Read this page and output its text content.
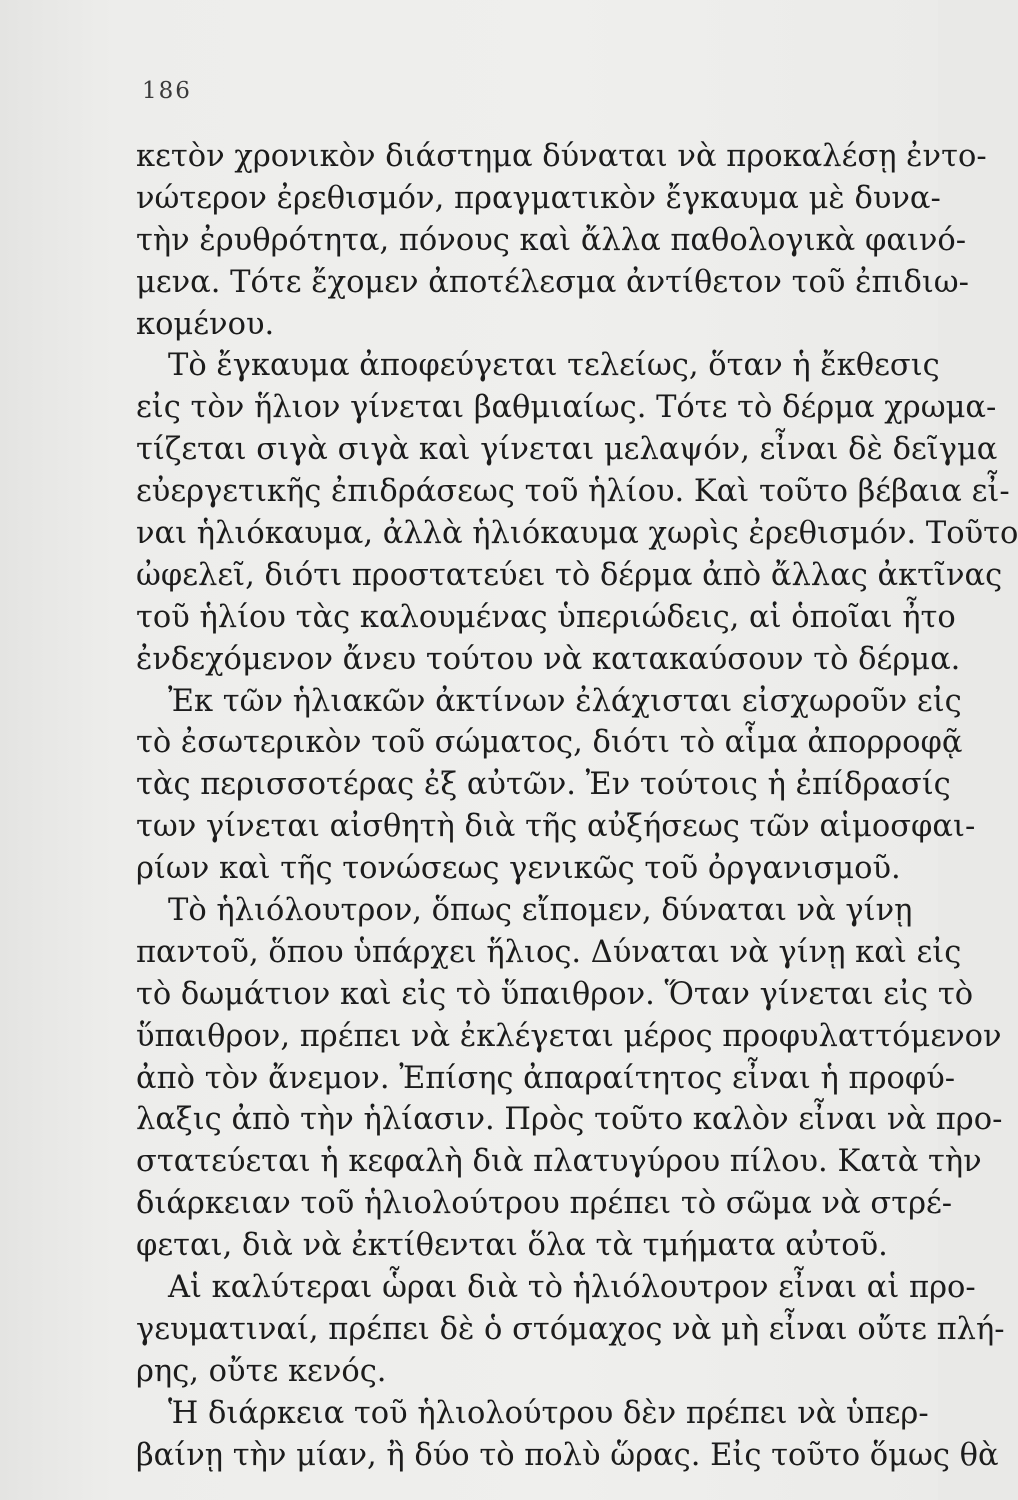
186
κετὸν χρονικὸν διάστημα δύναται νὰ προκαλέσῃ ἐντο-
νώτερον ἐρεθισμόν, πραγματικὸν ἔγκαυμα μὲ δυνα-
τὴν ἐρυθρότητα, πόνους καὶ ἄλλα παθολογικὰ φαινό-
μενα. Τότε ἔχομεν ἀποτέλεσμα ἀντίθετον τοῦ ἐπιδιω-
κομένου.
Τὸ ἔγκαυμα ἀποφεύγεται τελείως, ὅταν ἡ ἔκθεσις
εἰς τὸν ἥλιον γίνεται βαθμιαίως. Τότε τὸ δέρμα χρωμα-
τίζεται σιγὰ σιγὰ καὶ γίνεται μελαψόν, εἶναι δὲ δεῖγμα
εὐεργετικῆς ἐπιδράσεως τοῦ ἡλίου. Καὶ τοῦτο βέβαια εἶ-
ναι ἡλιόκαυμα, ἀλλὰ ἡλιόκαυμα χωρὶς ἐρεθισμόν. Τοῦτο
ὠφελεῖ, διότι προστατεύει τὸ δέρμα ἀπὸ ἄλλας ἀκτῖνας
τοῦ ἡλίου τὰς καλουμένας ὑπεριώδεις, αἱ ὁποῖαι ἦτο
ἐνδεχόμενον ἄνευ τούτου νὰ κατακαύσουν τὸ δέρμα.
Ἐκ τῶν ἡλιακῶν ἀκτίνων ἐλάχισται εἰσχωροῦν εἰς
τὸ ἐσωτερικὸν τοῦ σώματος, διότι τὸ αἷμα ἀπορροφᾷ
τὰς περισσοτέρας ἐξ αὐτῶν. Ἐν τούτοις ἡ ἐπίδρασίς
των γίνεται αἰσθητὴ διὰ τῆς αὐξήσεως τῶν αἱμοσφαι-
ρίων καὶ τῆς τονώσεως γενικῶς τοῦ ὀργανισμοῦ.
Τὸ ἡλιόλουτρον, ὅπως εἴπομεν, δύναται νὰ γίνῃ
παντοῦ, ὅπου ὑπάρχει ἥλιος. Δύναται νὰ γίνῃ καὶ εἰς
τὸ δωμάτιον καὶ εἰς τὸ ὕπαιθρον. Ὅταν γίνεται εἰς τὸ
ὕπαιθρον, πρέπει νὰ ἐκλέγεται μέρος προφυλαττόμενον
ἀπὸ τὸν ἄνεμον. Ἐπίσης ἀπαραίτητος εἶναι ἡ προφύ-
λαξις ἀπὸ τὴν ἡλίασιν. Πρὸς τοῦτο καλὸν εἶναι νὰ προ-
στατεύεται ἡ κεφαλὴ διὰ πλατυγύρου πίλου. Κατὰ τὴν
διάρκειαν τοῦ ἡλιολούτρου πρέπει τὸ σῶμα νὰ στρέ-
φεται, διὰ νὰ ἐκτίθενται ὅλα τὰ τμήματα αὐτοῦ.
Αἱ καλύτεραι ὧραι διὰ τὸ ἡλιόλουτρον εἶναι αἱ προ-
γευματιναί, πρέπει δὲ ὁ στόμαχος νὰ μὴ εἶναι οὔτε πλή-
ρης, οὔτε κενός.
Ἡ διάρκεια τοῦ ἡλιολούτρου δὲν πρέπει νὰ ὑπερ-
βαίνῃ τὴν μίαν, ἢ δύο τὸ πολὺ ὥρας. Εἰς τοῦτο ὅμως θὰ
